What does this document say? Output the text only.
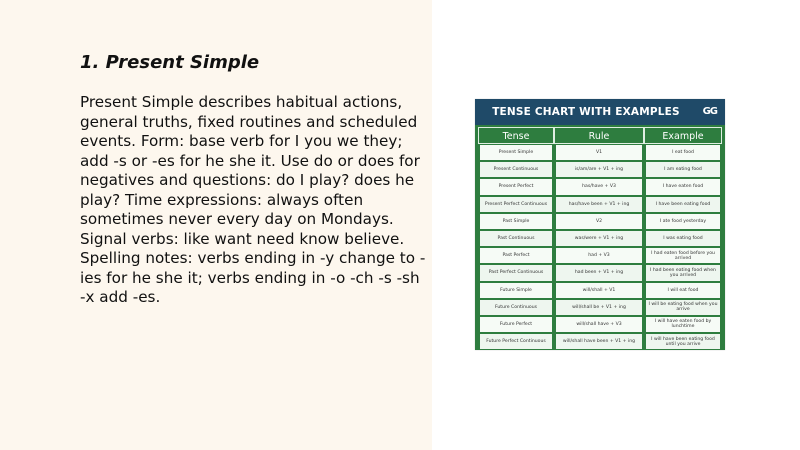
1. Present Simple

Present Simple describes habitual actions, general truths, fixed routines and scheduled events. Form: base verb for I you we they; add -s or -es for he she it. Use do or does for negatives and questions: do I play? does he play? Time expressions: always often sometimes never every day on Mondays. Signal verbs: like want need know believe. Spelling notes: verbs ending in -y change to -ies for he she it; verbs ending in -o -ch -s -sh -x add -es.

TENSE CHART WITH EXAMPLES	GG
Tense	Rule	Example
Present Simple	V1	I eat food
Present Continuous	is/am/are + V1 + ing	I am eating food
Present Perfect	has/have + V3	I have eaten food
Present Perfect Continuous	has/have been + V1 + ing	I have been eating food
Past Simple	V2	I ate food yesterday
Past Continuous	was/were + V1 + ing	I was eating food
Past Perfect	had + V3	I had eaten food before you arrived
Past Perfect Continuous	had been + V1 + ing	I had been eating food when you arrived
Future Simple	will/shall + V1	I will eat food
Future Continuous	will/shall be + V1 + ing	I will be eating food when you arrive
Future Perfect	will/shall have + V3	I will have eaten food by lunchtime
Future Perfect Continuous	will/shall have been + V1 + ing	I will have been eating food until you arrive
